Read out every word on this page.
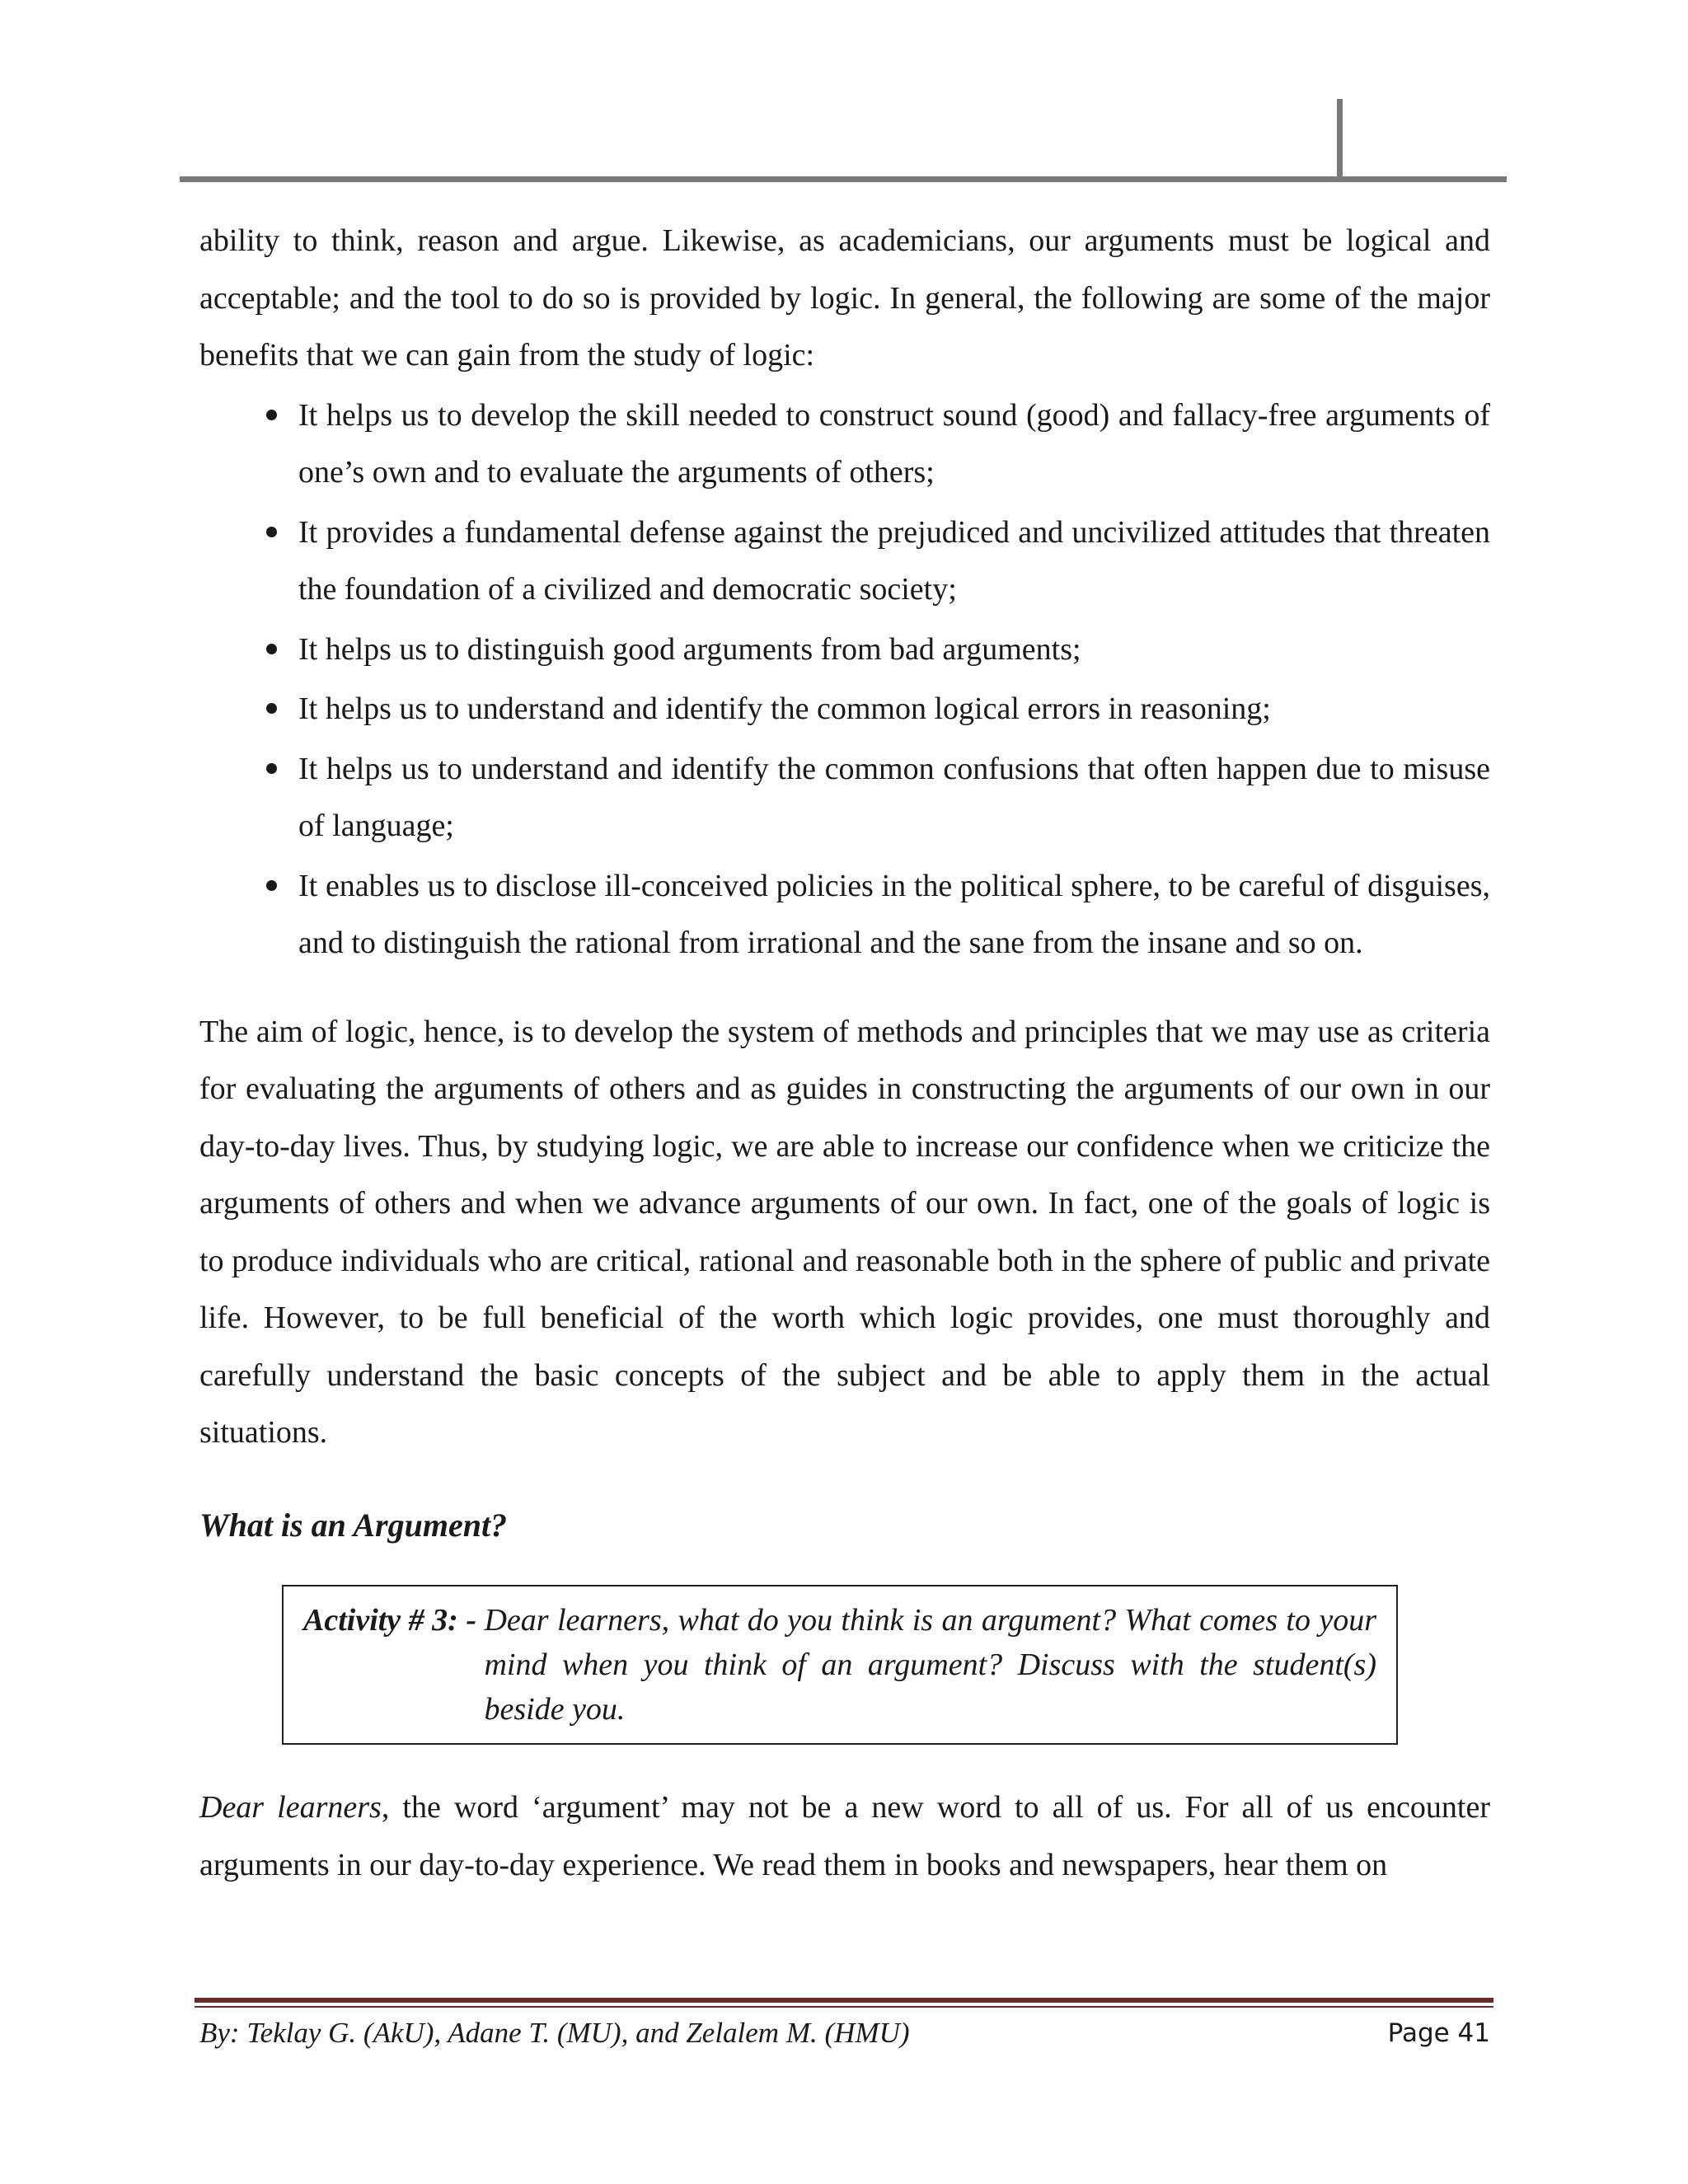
ability to think, reason and argue. Likewise, as academicians, our arguments must be logical and acceptable; and the tool to do so is provided by logic. In general, the following are some of the major benefits that we can gain from the study of logic:

It helps us to develop the skill needed to construct sound (good) and fallacy-free arguments of one’s own and to evaluate the arguments of others;
It provides a fundamental defense against the prejudiced and uncivilized attitudes that threaten the foundation of a civilized and democratic society;
It helps us to distinguish good arguments from bad arguments;
It helps us to understand and identify the common logical errors in reasoning;
It helps us to understand and identify the common confusions that often happen due to misuse of language;
It enables us to disclose ill-conceived policies in the political sphere, to be careful of disguises, and to distinguish the rational from irrational and the sane from the insane and so on.

The aim of logic, hence, is to develop the system of methods and principles that we may use as criteria for evaluating the arguments of others and as guides in constructing the arguments of our own in our day-to-day lives. Thus, by studying logic, we are able to increase our confidence when we criticize the arguments of others and when we advance arguments of our own. In fact, one of the goals of logic is to produce individuals who are critical, rational and reasonable both in the sphere of public and private life. However, to be full beneficial of the worth which logic provides, one must thoroughly and carefully understand the basic concepts of the subject and be able to apply them in the actual situations.

What is an Argument?

Activity # 3: - Dear learners, what do you think is an argument? What comes to your mind when you think of an argument? Discuss with the student(s) beside you.

Dear learners, the word ‘argument’ may not be a new word to all of us. For all of us encounter arguments in our day-to-day experience. We read them in books and newspapers, hear them on

By: Teklay G. (AkU), Adane T. (MU), and Zelalem M. (HMU)	Page 41
